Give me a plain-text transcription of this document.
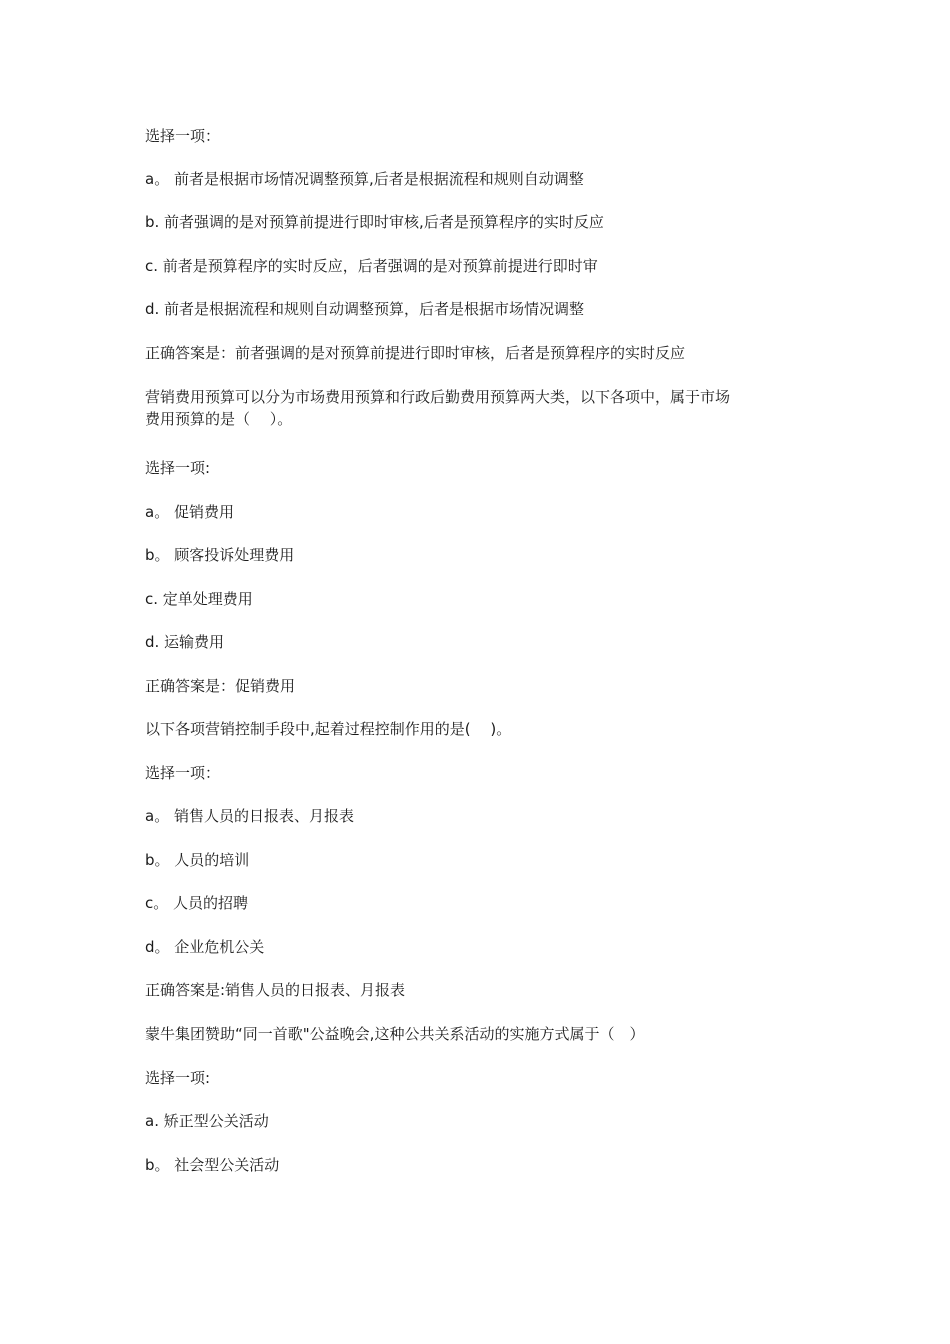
选择一项：

a。 前者是根据市场情况调整预算,后者是根据流程和规则自动调整

b. 前者强调的是对预算前提进行即时审核,后者是预算程序的实时反应

c. 前者是预算程序的实时反应，后者强调的是对预算前提进行即时审

d. 前者是根据流程和规则自动调整预算，后者是根据市场情况调整

正确答案是：前者强调的是对预算前提进行即时审核，后者是预算程序的实时反应

营销费用预算可以分为市场费用预算和行政后勤费用预算两大类，以下各项中，属于市场
费用预算的是（　 ）。

选择一项:

a。 促销费用

b。 顾客投诉处理费用

c. 定单处理费用

d. 运输费用

正确答案是：促销费用

以下各项营销控制手段中,起着过程控制作用的是(　 )。

选择一项：

a。 销售人员的日报表、月报表

b。 人员的培训

c。 人员的招聘

d。 企业危机公关

正确答案是:销售人员的日报表、月报表

蒙牛集团赞助“同一首歌"公益晚会,这种公共关系活动的实施方式属于（　）

选择一项:

a. 矫正型公关活动

b。 社会型公关活动
